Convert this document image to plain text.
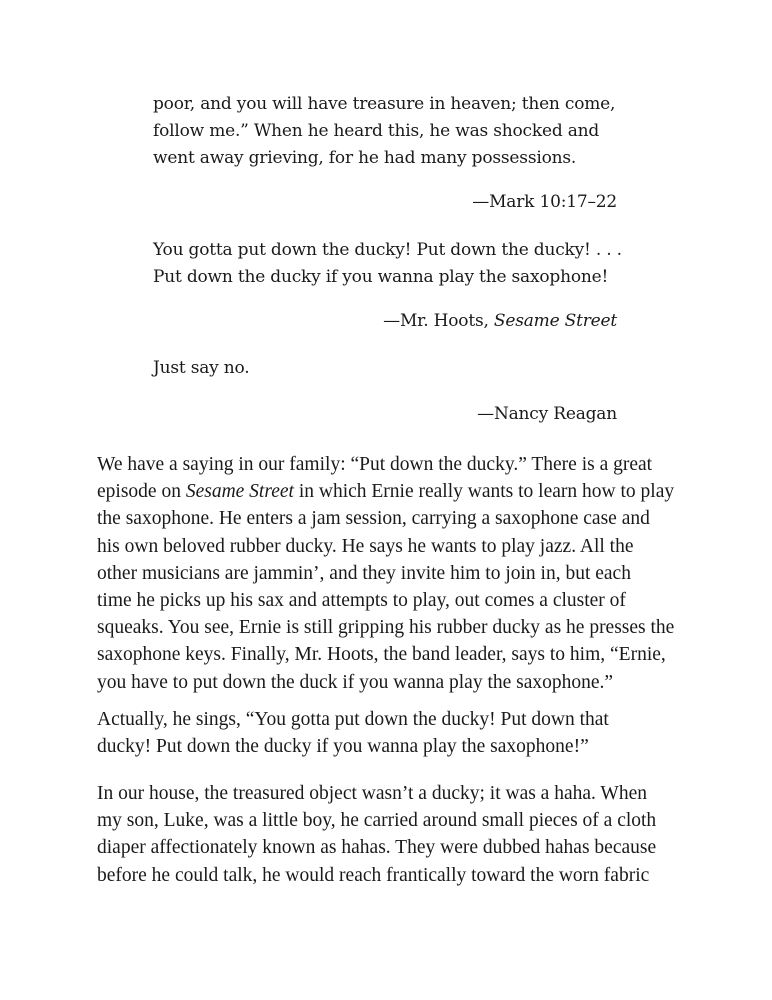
poor, and you will have treasure in heaven; then come,
follow me.” When he heard this, he was shocked and
went away grieving, for he had many possessions.

—Mark 10:17–22

You gotta put down the ducky! Put down the ducky! . . .
Put down the ducky if you wanna play the saxophone!

—Mr. Hoots, Sesame Street

Just say no.

—Nancy Reagan

We have a saying in our family: “Put down the ducky.” There is a great
episode on Sesame Street in which Ernie really wants to learn how to play
the saxophone. He enters a jam session, carrying a saxophone case and
his own beloved rubber ducky. He says he wants to play jazz. All the
other musicians are jammin’, and they invite him to join in, but each
time he picks up his sax and attempts to play, out comes a cluster of
squeaks. You see, Ernie is still gripping his rubber ducky as he presses the
saxophone keys. Finally, Mr. Hoots, the band leader, says to him, “Ernie,
you have to put down the duck if you wanna play the saxophone.”

Actually, he sings, “You gotta put down the ducky! Put down that
ducky! Put down the ducky if you wanna play the saxophone!”

In our house, the treasured object wasn’t a ducky; it was a haha. When
my son, Luke, was a little boy, he carried around small pieces of a cloth
diaper affectionately known as hahas. They were dubbed hahas because
before he could talk, he would reach frantically toward the worn fabric
